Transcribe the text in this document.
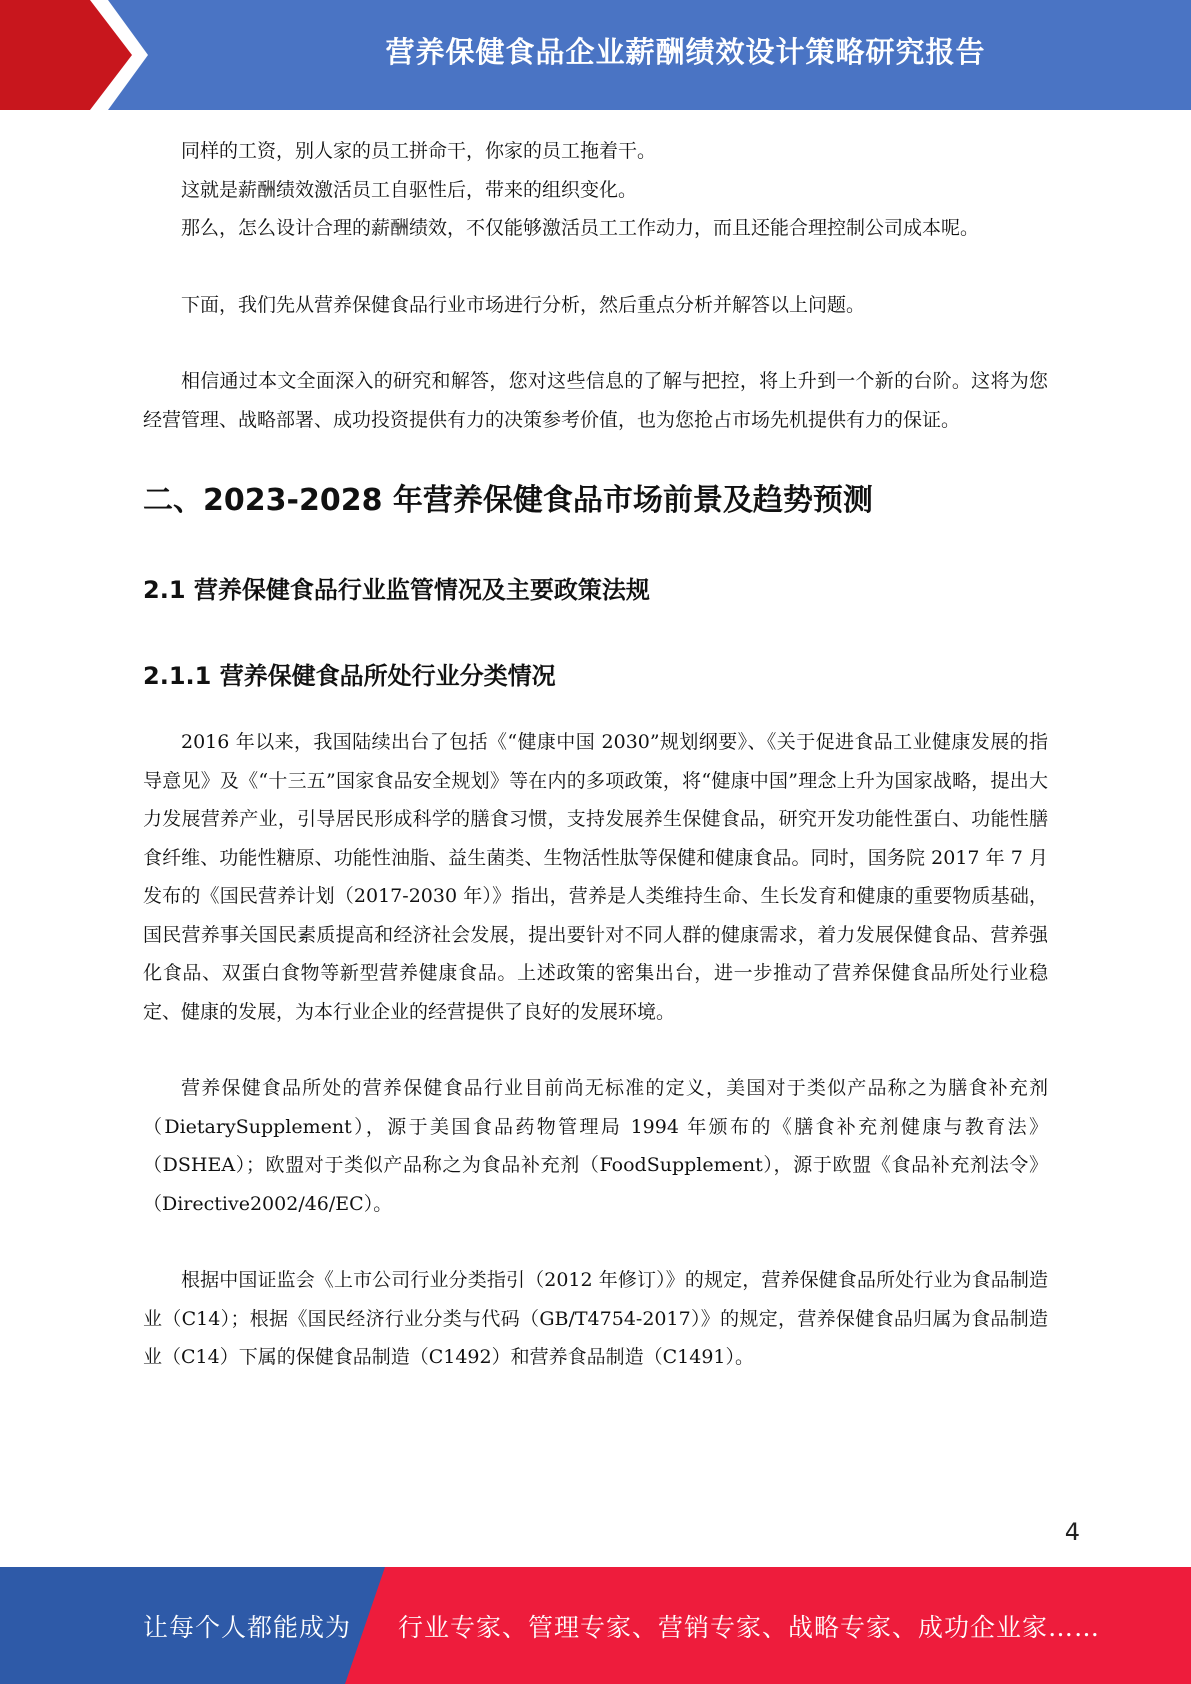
营养保健食品企业薪酬绩效设计策略研究报告

同样的工资，别人家的员工拼命干，你家的员工拖着干。

这就是薪酬绩效激活员工自驱性后，带来的组织变化。

那么，怎么设计合理的薪酬绩效，不仅能够激活员工工作动力，而且还能合理控制公司成本呢。

下面，我们先从营养保健食品行业市场进行分析，然后重点分析并解答以上问题。

相信通过本文全面深入的研究和解答，您对这些信息的了解与把控，将上升到一个新的台阶。这将为您经营管理、战略部署、成功投资提供有力的决策参考价值，也为您抢占市场先机提供有力的保证。

二、2023-2028 年营养保健食品市场前景及趋势预测
2.1 营养保健食品行业监管情况及主要政策法规
2.1.1 营养保健食品所处行业分类情况

2016 年以来，我国陆续出台了包括《“健康中国 2030”规划纲要》、《关于促进食品工业健康发展的指导意见》及《“十三五”国家食品安全规划》等在内的多项政策，将“健康中国”理念上升为国家战略，提出大力发展营养产业，引导居民形成科学的膳食习惯，支持发展养生保健食品，研究开发功能性蛋白、功能性膳食纤维、功能性糖原、功能性油脂、益生菌类、生物活性肽等保健和健康食品。同时，国务院 2017 年 7 月发布的《国民营养计划（2017-2030 年）》指出，营养是人类维持生命、生长发育和健康的重要物质基础，国民营养事关国民素质提高和经济社会发展，提出要针对不同人群的健康需求，着力发展保健食品、营养强化食品、双蛋白食物等新型营养健康食品。上述政策的密集出台，进一步推动了营养保健食品所处行业稳定、健康的发展，为本行业企业的经营提供了良好的发展环境。

营养保健食品所处的营养保健食品行业目前尚无标准的定义，美国对于类似产品称之为膳食补充剂（DietarySupplement），源于美国食品药物管理局 1994 年颁布的《膳食补充剂健康与教育法》（DSHEA）；欧盟对于类似产品称之为食品补充剂（FoodSupplement），源于欧盟《食品补充剂法令》（Directive2002/46/EC）。

根据中国证监会《上市公司行业分类指引（2012 年修订）》的规定，营养保健食品所处行业为食品制造业（C14）；根据《国民经济行业分类与代码（GB/T4754-2017）》的规定，营养保健食品归属为食品制造业（C14）下属的保健食品制造（C1492）和营养食品制造（C1491）。

4
让每个人都能成为 行业专家、管理专家、营销专家、战略专家、成功企业家……
